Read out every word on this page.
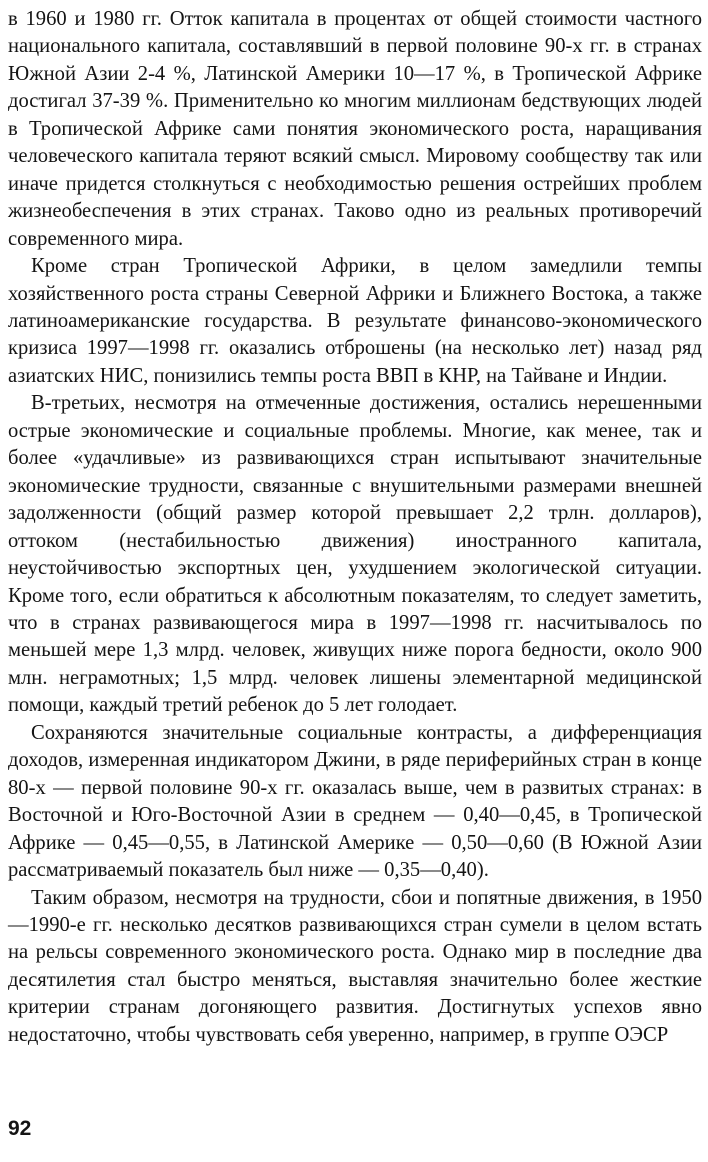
в 1960 и 1980 гг. Отток капитала в процентах от общей стоимости частного национального капитала, составлявший в первой половине 90-х гг. в странах Южной Азии 2-4 %, Латинской Америки 10—17 %, в Тропической Африке достигал 37-39 %. Применительно ко многим миллионам бедствующих людей в Тропической Африке сами понятия экономического роста, наращивания человеческого капитала теряют всякий смысл. Мировому сообществу так или иначе придется столкнуться с необходимостью решения острейших проблем жизнеобеспечения в этих странах. Таково одно из реальных противоречий современного мира.

Кроме стран Тропической Африки, в целом замедлили темпы хозяйственного роста страны Северной Африки и Ближнего Востока, а также латиноамериканские государства. В результате финансово-экономического кризиса 1997—1998 гг. оказались отброшены (на несколько лет) назад ряд азиатских НИС, понизились темпы роста ВВП в КНР, на Тайване и Индии.

В-третьих, несмотря на отмеченные достижения, остались нерешенными острые экономические и социальные проблемы. Многие, как менее, так и более «удачливые» из развивающихся стран испытывают значительные экономические трудности, связанные с внушительными размерами внешней задолженности (общий размер которой превышает 2,2 трлн. долларов), оттоком (нестабильностью движения) иностранного капитала, неустойчивостью экспортных цен, ухудшением экологической ситуации. Кроме того, если обратиться к абсолютным показателям, то следует заметить, что в странах развивающегося мира в 1997—1998 гг. насчитывалось по меньшей мере 1,3 млрд. человек, живущих ниже порога бедности, около 900 млн. неграмотных; 1,5 млрд. человек лишены элементарной медицинской помощи, каждый третий ребенок до 5 лет голодает.

Сохраняются значительные социальные контрасты, а дифференциация доходов, измеренная индикатором Джини, в ряде периферийных стран в конце 80-х — первой половине 90-х гг. оказалась выше, чем в развитых странах: в Восточной и Юго-Восточной Азии в среднем — 0,40—0,45, в Тропической Африке — 0,45—0,55, в Латинской Америке — 0,50—0,60 (В Южной Азии рассматриваемый показатель был ниже — 0,35—0,40).

Таким образом, несмотря на трудности, сбои и попятные движения, в 1950—1990-е гг. несколько десятков развивающихся стран сумели в целом встать на рельсы современного экономического роста. Однако мир в последние два десятилетия стал быстро меняться, выставляя значительно более жесткие критерии странам догоняющего развития. Достигнутых успехов явно недостаточно, чтобы чувствовать себя уверенно, например, в группе ОЭСР

92
